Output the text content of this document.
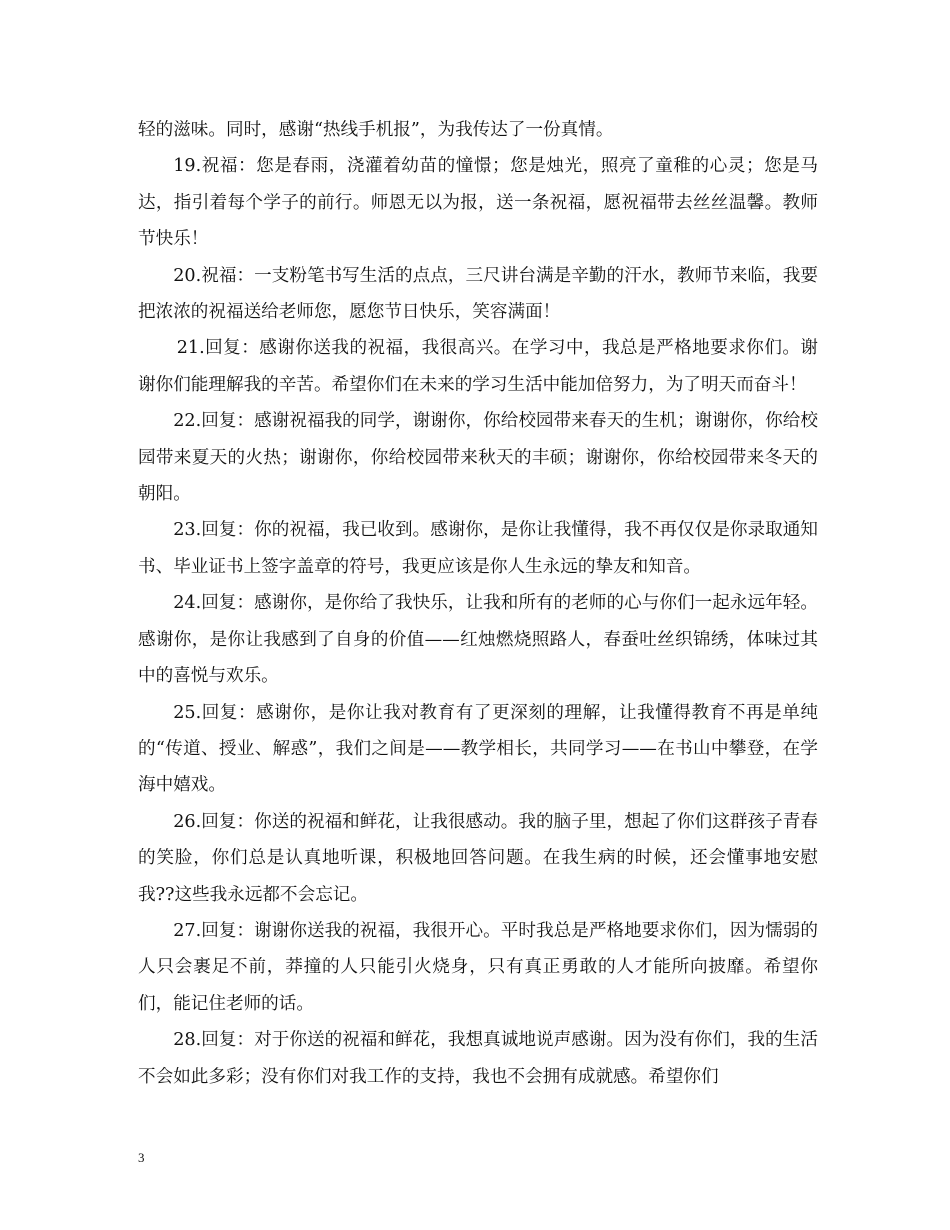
轻的滋味。同时，感谢“热线手机报”，为我传达了一份真情。

19.祝福：您是春雨，浇灌着幼苗的憧憬；您是烛光，照亮了童稚的心灵；您是马达，指引着每个学子的前行。师恩无以为报，送一条祝福，愿祝福带去丝丝温馨。教师节快乐！

20.祝福：一支粉笔书写生活的点点，三尺讲台满是辛勤的汗水，教师节来临，我要把浓浓的祝福送给老师您，愿您节日快乐，笑容满面！

21.回复：感谢你送我的祝福，我很高兴。在学习中，我总是严格地要求你们。谢谢你们能理解我的辛苦。希望你们在未来的学习生活中能加倍努力，为了明天而奋斗！

22.回复：感谢祝福我的同学，谢谢你，你给校园带来春天的生机；谢谢你，你给校园带来夏天的火热；谢谢你，你给校园带来秋天的丰硕；谢谢你，你给校园带来冬天的朝阳。

23.回复：你的祝福，我已收到。感谢你，是你让我懂得，我不再仅仅是你录取通知书、毕业证书上签字盖章的符号，我更应该是你人生永远的挚友和知音。

24.回复：感谢你，是你给了我快乐，让我和所有的老师的心与你们一起永远年轻。感谢你，是你让我感到了自身的价值——红烛燃烧照路人，春蚕吐丝织锦绣，体味过其中的喜悦与欢乐。

25.回复：感谢你，是你让我对教育有了更深刻的理解，让我懂得教育不再是单纯的“传道、授业、解惑”，我们之间是——教学相长，共同学习——在书山中攀登，在学海中嬉戏。

26.回复：你送的祝福和鲜花，让我很感动。我的脑子里，想起了你们这群孩子青春的笑脸，你们总是认真地听课，积极地回答问题。在我生病的时候，还会懂事地安慰我??这些我永远都不会忘记。

27.回复：谢谢你送我的祝福，我很开心。平时我总是严格地要求你们，因为懦弱的人只会裹足不前，莽撞的人只能引火烧身，只有真正勇敢的人才能所向披靡。希望你们，能记住老师的话。

28.回复：对于你送的祝福和鲜花，我想真诚地说声感谢。因为没有你们，我的生活不会如此多彩；没有你们对我工作的支持，我也不会拥有成就感。希望你们

3
